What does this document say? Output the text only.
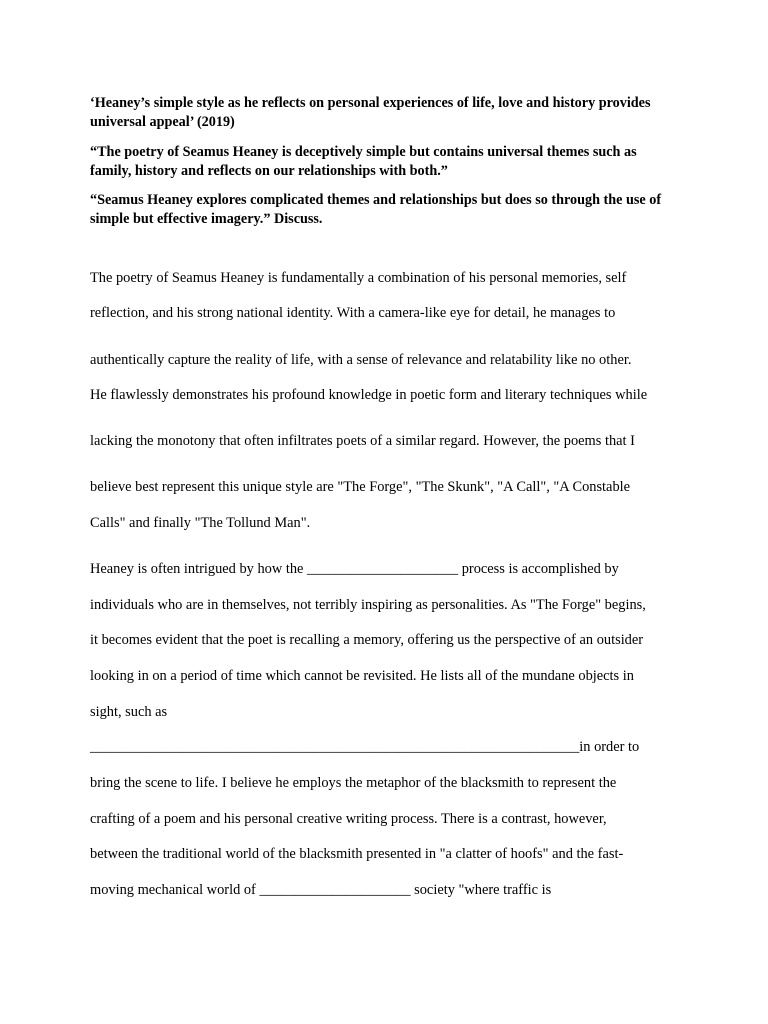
‘Heaney’s simple style as he reflects on personal experiences of life, love and history provides universal appeal’ (2019)

“The poetry of Seamus Heaney is deceptively simple but contains universal themes such as family, history and reflects on our relationships with both.”

“Seamus Heaney explores complicated themes and relationships but does so through the use of simple but effective imagery.” Discuss.

The poetry of Seamus Heaney is fundamentally a combination of his personal memories, self

reflection, and his strong national identity. With a camera-like eye for detail, he manages to

authentically capture the reality of life, with a sense of relevance and relatability like no other.

He flawlessly demonstrates his profound knowledge in poetic form and literary techniques while

lacking the monotony that often infiltrates poets of a similar regard. However, the poems that I

believe best represent this unique style are "The Forge", "The Skunk", "A Call", "A Constable

Calls" and finally "The Tollund Man".

Heaney is often intrigued by how the _____________________ process is accomplished by

individuals who are in themselves, not terribly inspiring as personalities. As "The Forge" begins,

it becomes evident that the poet is recalling a memory, offering us the perspective of an outsider

looking in on a period of time which cannot be revisited. He lists all of the mundane objects in

sight, such as

____________________________________________________________________in order to

bring the scene to life. I believe he employs the metaphor of the blacksmith to represent the

crafting of a poem and his personal creative writing process. There is a contrast, however,

between the traditional world of the blacksmith presented in "a clatter of hoofs" and the fast-

moving mechanical world of _____________________ society "where traffic is
